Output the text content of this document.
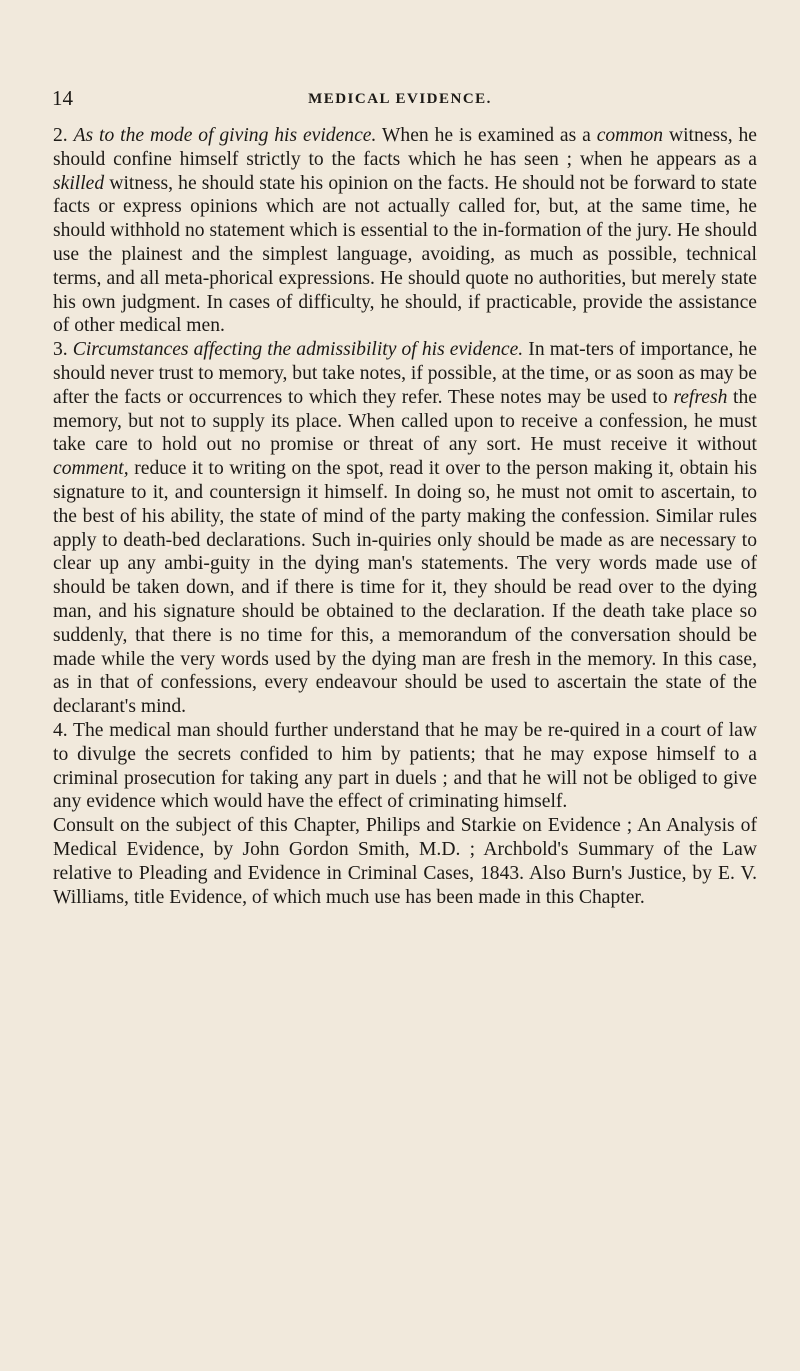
14	MEDICAL EVIDENCE.

2. As to the mode of giving his evidence. When he is examined as a common witness, he should confine himself strictly to the facts which he has seen ; when he appears as a skilled witness, he should state his opinion on the facts. He should not be forward to state facts or express opinions which are not actually called for, but, at the same time, he should withhold no statement which is essential to the in-formation of the jury. He should use the plainest and the simplest language, avoiding, as much as possible, technical terms, and all meta-phorical expressions. He should quote no authorities, but merely state his own judgment. In cases of difficulty, he should, if practicable, provide the assistance of other medical men.

3. Circumstances affecting the admissibility of his evidence. In mat-ters of importance, he should never trust to memory, but take notes, if possible, at the time, or as soon as may be after the facts or occurrences to which they refer. These notes may be used to refresh the memory, but not to supply its place. When called upon to receive a confession, he must take care to hold out no promise or threat of any sort. He must receive it without comment, reduce it to writing on the spot, read it over to the person making it, obtain his signature to it, and countersign it himself. In doing so, he must not omit to ascertain, to the best of his ability, the state of mind of the party making the confession. Similar rules apply to death-bed declarations. Such in-quiries only should be made as are necessary to clear up any ambi-guity in the dying man's statements. The very words made use of should be taken down, and if there is time for it, they should be read over to the dying man, and his signature should be obtained to the declaration. If the death take place so suddenly, that there is no time for this, a memorandum of the conversation should be made while the very words used by the dying man are fresh in the memory. In this case, as in that of confessions, every endeavour should be used to ascertain the state of the declarant's mind.

4. The medical man should further understand that he may be re-quired in a court of law to divulge the secrets confided to him by patients; that he may expose himself to a criminal prosecution for taking any part in duels ; and that he will not be obliged to give any evidence which would have the effect of criminating himself.

Consult on the subject of this Chapter, Philips and Starkie on Evidence ; An Analysis of Medical Evidence, by John Gordon Smith, M.D. ; Archbold's Summary of the Law relative to Pleading and Evidence in Criminal Cases, 1843. Also Burn's Justice, by E. V. Williams, title Evidence, of which much use has been made in this Chapter.
